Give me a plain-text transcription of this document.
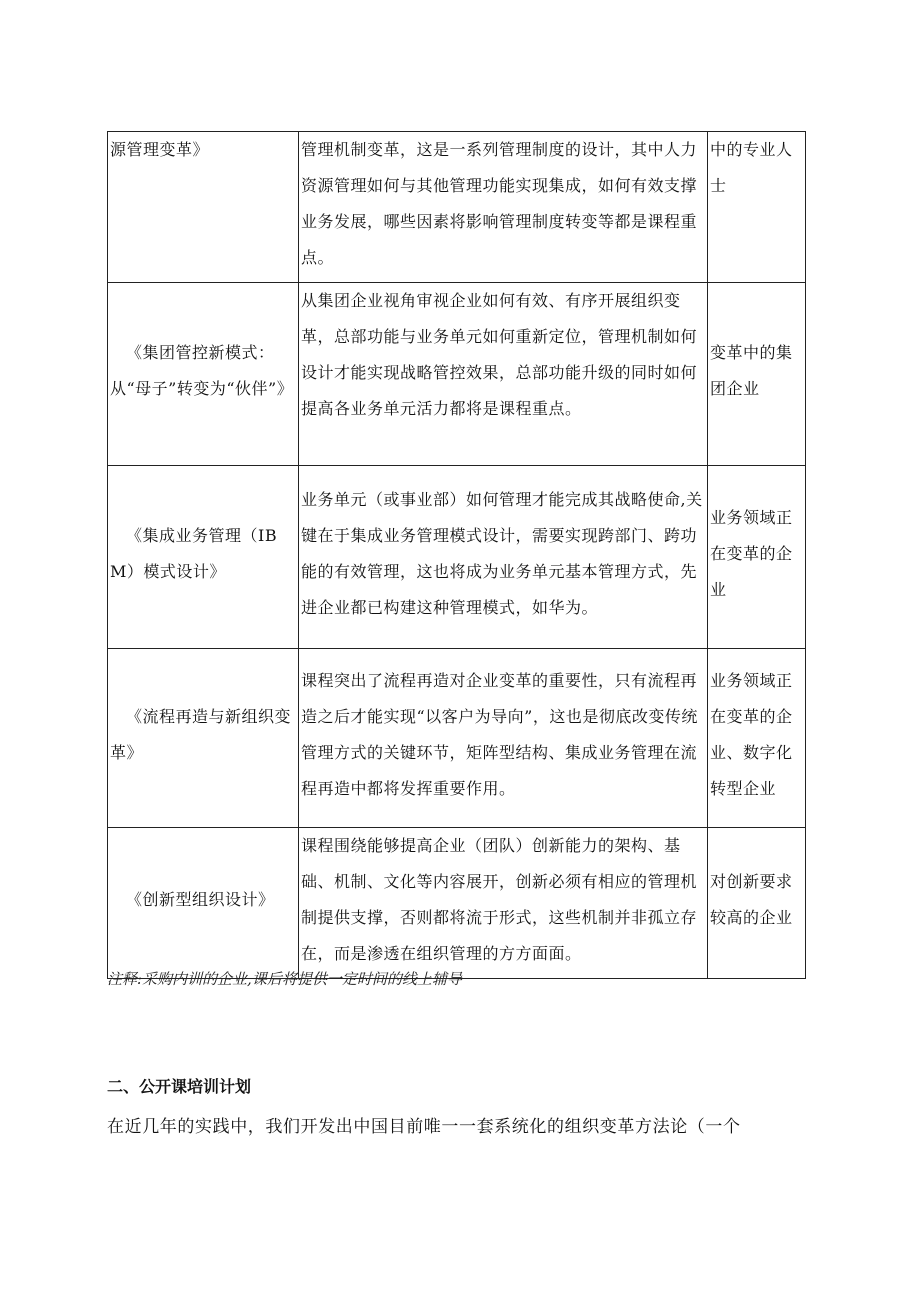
源管理变革》	管理机制变革，这是一系列管理制度的设计，其中人力资源管理如何与其他管理功能实现集成，如何有效支撑业务发展，哪些因素将影响管理制度转变等都是课程重点。	中的专业人士

《集团管控新模式：从“母子”转变为“伙伴”》	从集团企业视角审视企业如何有效、有序开展组织变革，总部功能与业务单元如何重新定位，管理机制如何设计才能实现战略管控效果，总部功能升级的同时如何提高各业务单元活力都将是课程重点。	变革中的集团企业

《集成业务管理（IBM）模式设计》	业务单元（或事业部）如何管理才能完成其战略使命,关键在于集成业务管理模式设计，需要实现跨部门、跨功能的有效管理，这也将成为业务单元基本管理方式，先进企业都已构建这种管理模式，如华为。	业务领域正在变革的企业

《流程再造与新组织变革》	课程突出了流程再造对企业变革的重要性，只有流程再造之后才能实现“以客户为导向”，这也是彻底改变传统管理方式的关键环节，矩阵型结构、集成业务管理在流程再造中都将发挥重要作用。	业务领域正在变革的企业、数字化转型企业

《创新型组织设计》	课程围绕能够提高企业（团队）创新能力的架构、基础、机制、文化等内容展开，创新必须有相应的管理机制提供支撑，否则都将流于形式，这些机制并非孤立存在，而是渗透在组织管理的方方面面。	对创新要求较高的企业

注释:采购内训的企业,课后将提供一定时间的线上辅导

二、公开课培训计划

在近几年的实践中，我们开发出中国目前唯一一套系统化的组织变革方法论（一个
